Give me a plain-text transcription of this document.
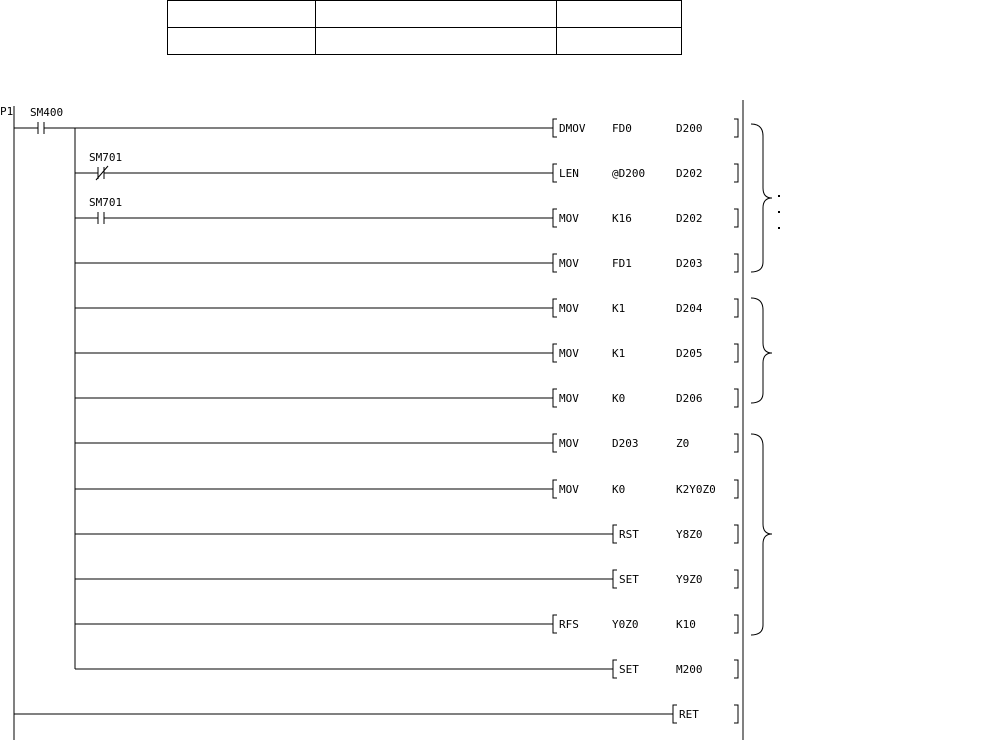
P1 SM400
SM701
SM701
DMOV FD0	D200
LEN	@D200	D202
MOV	K16	D202
MOV	FD1	D203
MOV	K1	D204
MOV	K1	D205
MOV	K0	D206
MOV	D203	Z0
MOV	K0	K2Y0Z0
RST	Y8Z0
SET	Y9Z0
RFS	Y0Z0	K10
SET	M200
RET
